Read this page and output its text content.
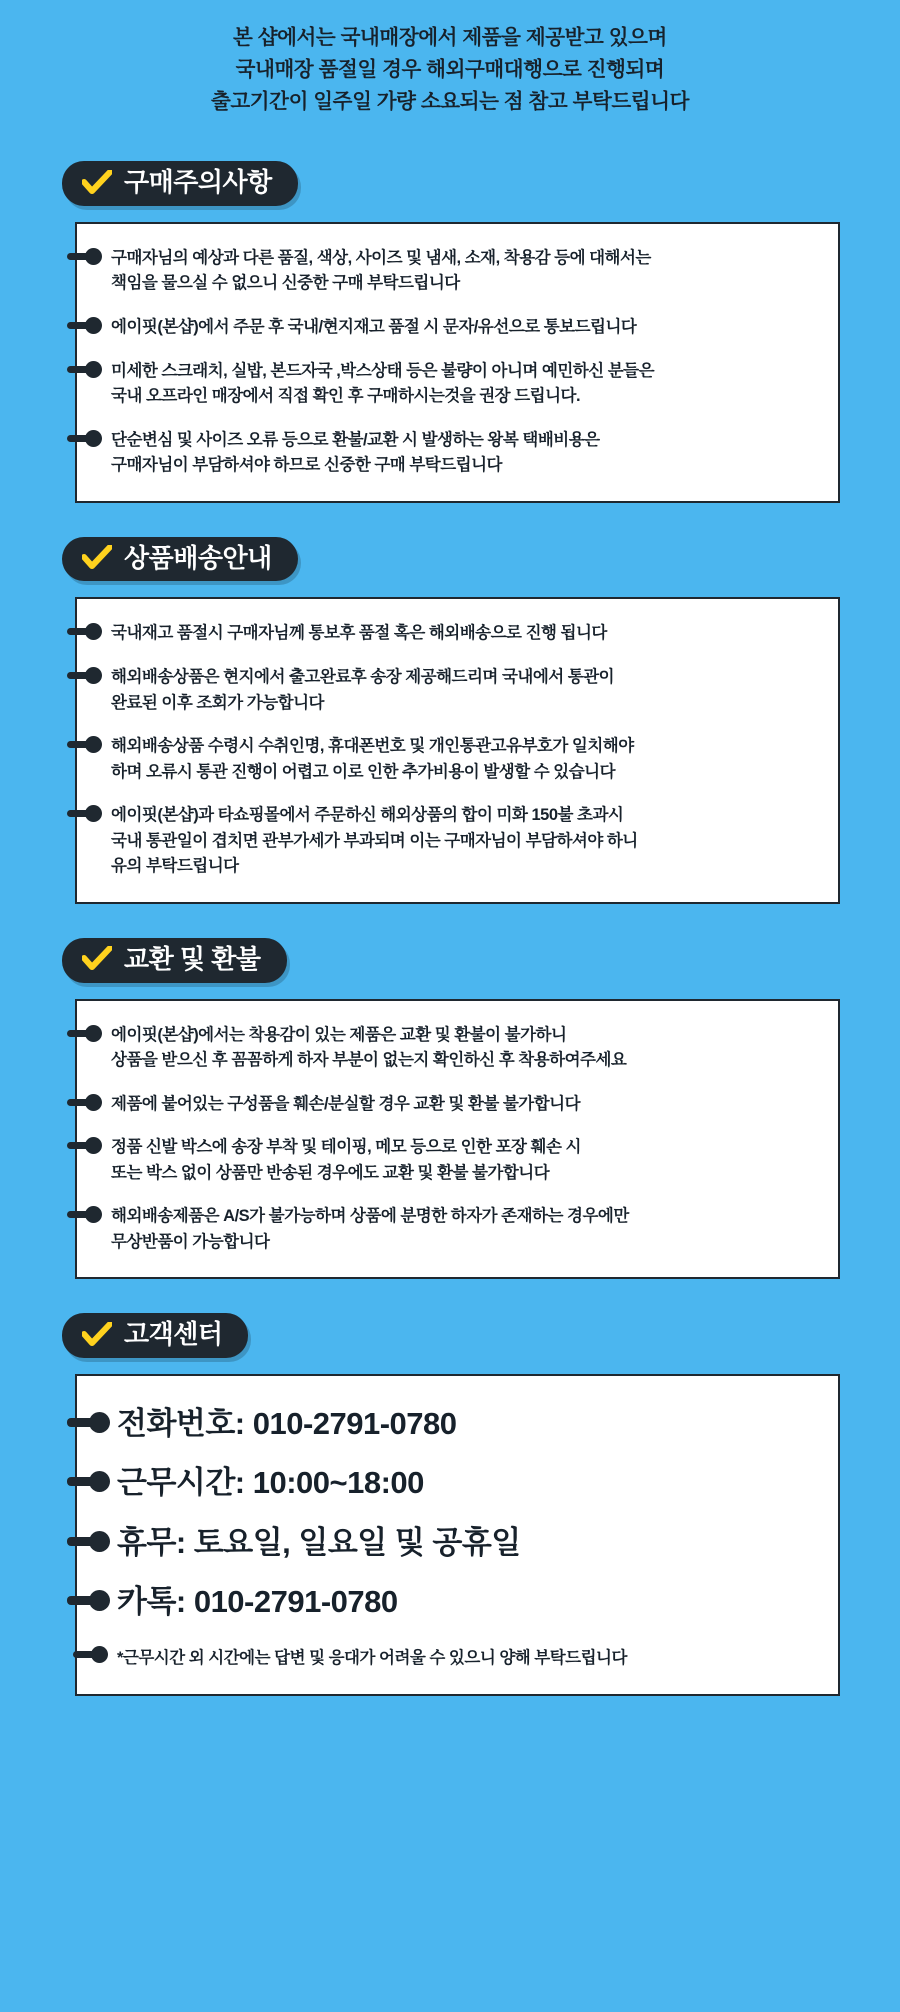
본 샵에서는 국내매장에서 제품을 제공받고 있으며
국내매장 품절일 경우 해외구매대행으로 진행되며
출고기간이 일주일 가량 소요되는 점 참고 부탁드립니다
구매주의사항
구매자님의 예상과 다른 품질, 색상, 사이즈 및 냄새, 소재, 착용감 등에 대해서는
책임을 물으실 수 없으니 신중한 구매 부탁드립니다
에이핏(본샵)에서 주문 후 국내/현지재고 품절 시 문자/유선으로 통보드립니다
미세한 스크래치, 실밥, 본드자국 ,박스상태 등은 불량이 아니며 예민하신 분들은
국내 오프라인 매장에서 직접 확인 후 구매하시는것을 권장 드립니다.
단순변심 및 사이즈 오류 등으로 환불/교환 시 발생하는 왕복 택배비용은
구매자님이 부담하셔야 하므로 신중한 구매 부탁드립니다
상품배송안내
국내재고 품절시 구매자님께 통보후 품절 혹은 해외배송으로 진행 됩니다
해외배송상품은 현지에서 출고완료후 송장 제공해드리며 국내에서 통관이
완료된 이후 조회가 가능합니다
해외배송상품 수령시 수취인명, 휴대폰번호 및 개인통관고유부호가 일치해야
하며 오류시 통관 진행이 어렵고 이로 인한 추가비용이 발생할 수 있습니다
에이핏(본샵)과 타쇼핑몰에서 주문하신 해외상품의 합이 미화 150불 초과시
국내 통관일이 겹치면 관부가세가 부과되며 이는 구매자님이 부담하셔야 하니
유의 부탁드립니다
교환 및 환불
에이핏(본샵)에서는 착용감이 있는 제품은 교환 및 환불이 불가하니
상품을 받으신 후 꼼꼼하게 하자 부분이 없는지 확인하신 후 착용하여주세요
제품에 붙어있는 구성품을 훼손/분실할 경우 교환 및 환불 불가합니다
정품 신발 박스에 송장 부착 및 테이핑, 메모 등으로 인한 포장 훼손 시
또는 박스 없이 상품만 반송된 경우에도 교환 및 환불 불가합니다
해외배송제품은 A/S가 불가능하며 상품에 분명한 하자가 존재하는 경우에만
무상반품이 가능합니다
고객센터
전화번호: 010-2791-0780
근무시간: 10:00~18:00
휴무: 토요일, 일요일 및 공휴일
카톡: 010-2791-0780
*근무시간 외 시간에는 답변 및 응대가 어려울 수 있으니 양해 부탁드립니다
